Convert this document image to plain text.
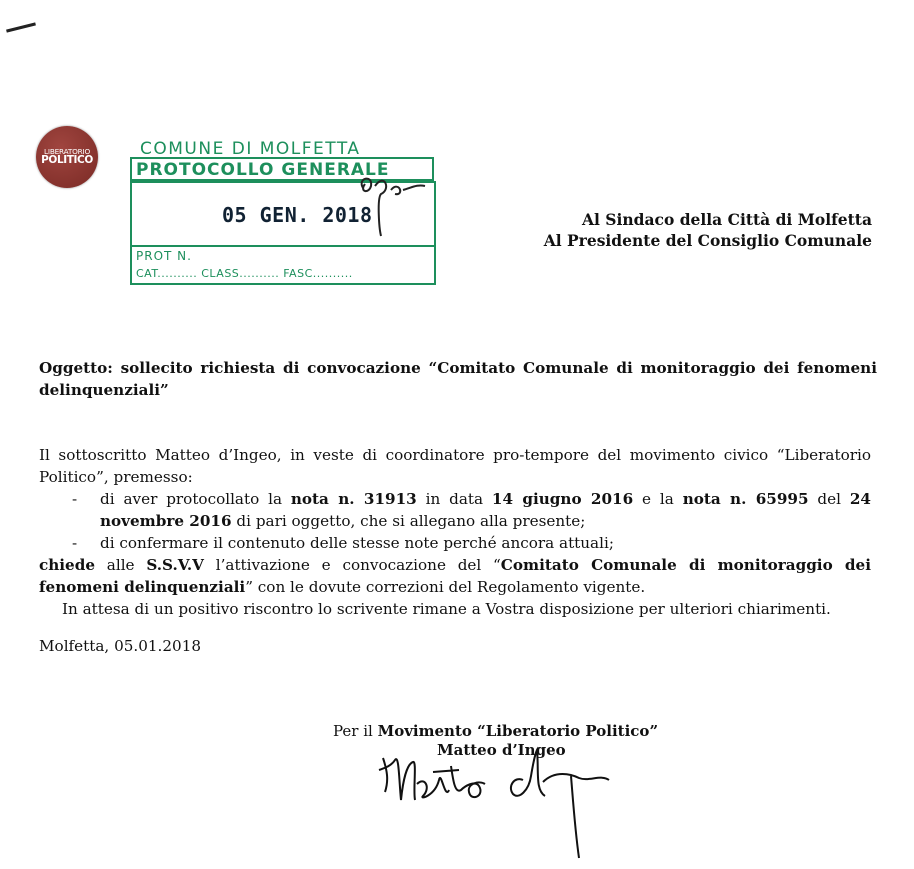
LIBERATORIO
POLITICO
COMUNE DI MOLFETTA
PROTOCOLLO GENERALE
05 GEN. 2018
PROT N.
CAT.......... CLASS.......... FASC..........
Al Sindaco della Città di Molfetta
Al Presidente del Consiglio Comunale
Oggetto: sollecito richiesta di convocazione “Comitato Comunale di monitoraggio dei fenomeni delinquenziali”

Il sottoscritto Matteo d’Ingeo, in veste di coordinatore pro-tempore del movimento civico “Liberatorio Politico”, premesso:

- di aver protocollato la nota n. 31913 in data 14 giugno 2016 e la nota n. 65995 del 24 novembre 2016 di pari oggetto, che si allegano alla presente;

- di confermare il contenuto delle stesse note perché ancora attuali;

chiede alle S.S.V.V l’attivazione e convocazione del “Comitato Comunale di monitoraggio dei fenomeni delinquenziali” con le dovute correzioni del Regolamento vigente.

In attesa di un positivo riscontro lo scrivente rimane a Vostra disposizione per ulteriori chiarimenti.

Molfetta, 05.01.2018
Per il Movimento “Liberatorio Politico”
Matteo d’Ingeo
